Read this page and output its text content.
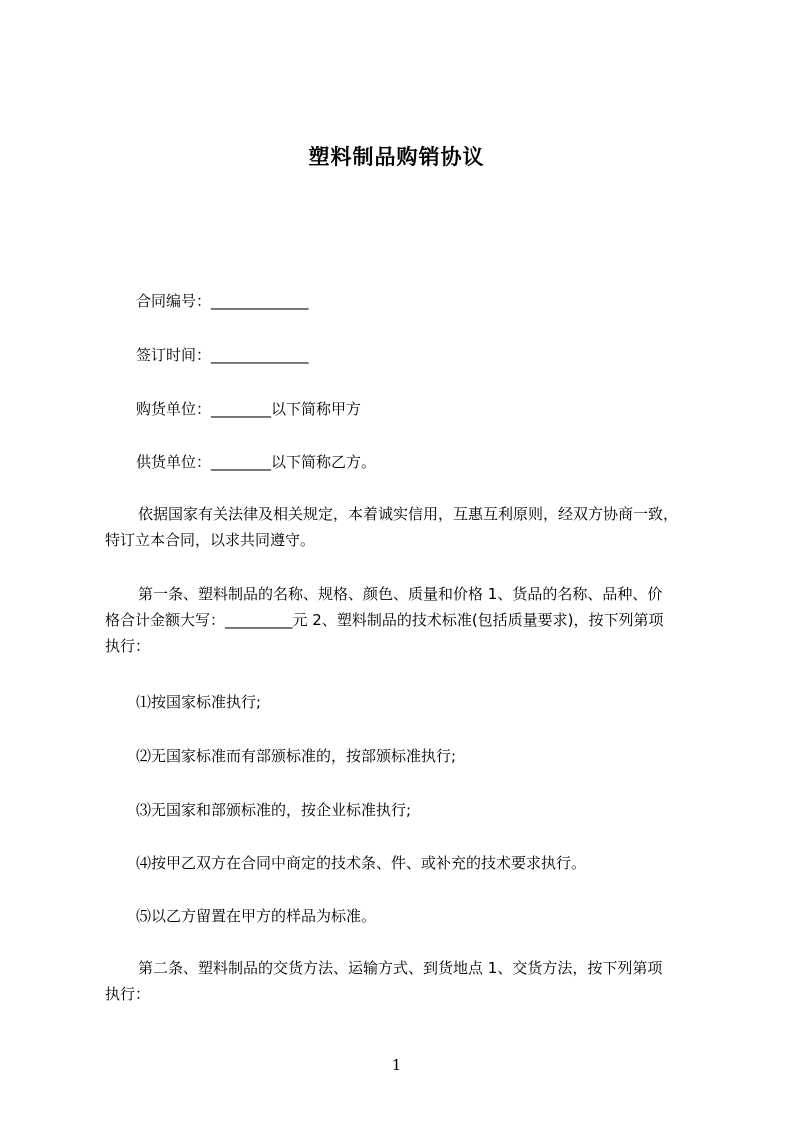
塑料制品购销协议
合同编号：_____________
签订时间：_____________
购货单位：________以下简称甲方
供货单位：________以下简称乙方。
依据国家有关法律及相关规定，本着诚实信用，互惠互利原则，经双方协商一致，
特订立本合同，以求共同遵守。
第一条、塑料制品的名称、规格、颜色、质量和价格 1、货品的名称、品种、价
格合计金额大写：_________元 2、塑料制品的技术标准(包括质量要求)，按下列第项
执行：
⑴按国家标准执行;
⑵无国家标准而有部颁标准的，按部颁标准执行;
⑶无国家和部颁标准的，按企业标准执行;
⑷按甲乙双方在合同中商定的技术条、件、或补充的技术要求执行。
⑸以乙方留置在甲方的样品为标准。
第二条、塑料制品的交货方法、运输方式、到货地点 1、交货方法，按下列第项
执行：
1
